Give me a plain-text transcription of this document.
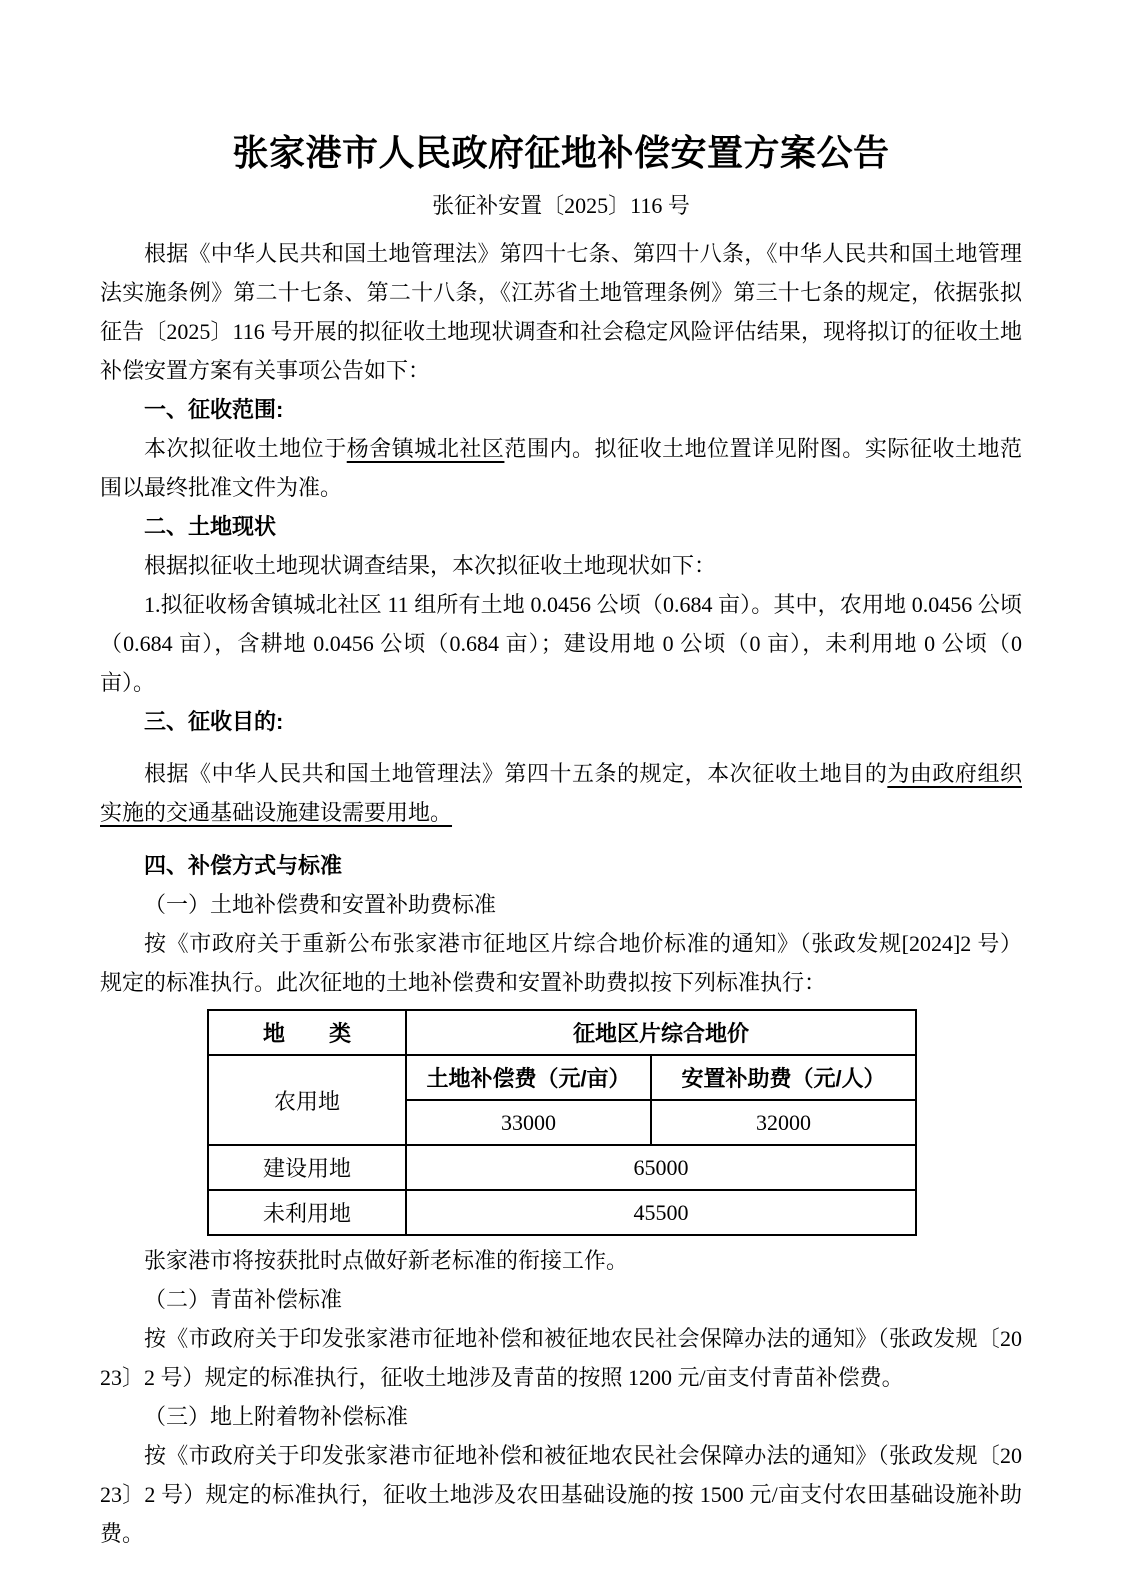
张家港市人民政府征地补偿安置方案公告
张征补安置〔2025〕116 号

根据《中华人民共和国土地管理法》第四十七条、第四十八条，《中华人民共和国土地管理法实施条例》第二十七条、第二十八条，《江苏省土地管理条例》第三十七条的规定，依据张拟征告〔2025〕116 号开展的拟征收土地现状调查和社会稳定风险评估结果，现将拟订的征收土地补偿安置方案有关事项公告如下：

一、征收范围:

本次拟征收土地位于杨舍镇城北社区范围内。拟征收土地位置详见附图。实际征收土地范围以最终批准文件为准。

二、土地现状

根据拟征收土地现状调查结果，本次拟征收土地现状如下：

1.拟征收杨舍镇城北社区 11 组所有土地 0.0456 公顷（0.684 亩）。其中，农用地 0.0456 公顷（0.684 亩），含耕地 0.0456 公顷（0.684 亩）；建设用地 0 公顷（0 亩），未利用地 0 公顷（0 亩）。

三、征收目的:

根据《中华人民共和国土地管理法》第四十五条的规定，本次征收土地目的为由政府组织实施的交通基础设施建设需要用地。

四、补偿方式与标准

（一）土地补偿费和安置补助费标准

按《市政府关于重新公布张家港市征地区片综合地价标准的通知》（张政发规[2024]2 号）规定的标准执行。此次征地的土地补偿费和安置补助费拟按下列标准执行：

地　　类	征地区片综合地价	
农用地	土地补偿费（元/亩）	安置补助费（元/人）
	33000	32000
建设用地	65000	
未利用地	45500	

张家港市将按获批时点做好新老标准的衔接工作。

（二）青苗补偿标准

按《市政府关于印发张家港市征地补偿和被征地农民社会保障办法的通知》（张政发规〔2023〕2 号）规定的标准执行，征收土地涉及青苗的按照 1200 元/亩支付青苗补偿费。

（三）地上附着物补偿标准

按《市政府关于印发张家港市征地补偿和被征地农民社会保障办法的通知》（张政发规〔2023〕2 号）规定的标准执行，征收土地涉及农田基础设施的按 1500 元/亩支付农田基础设施补助费。
